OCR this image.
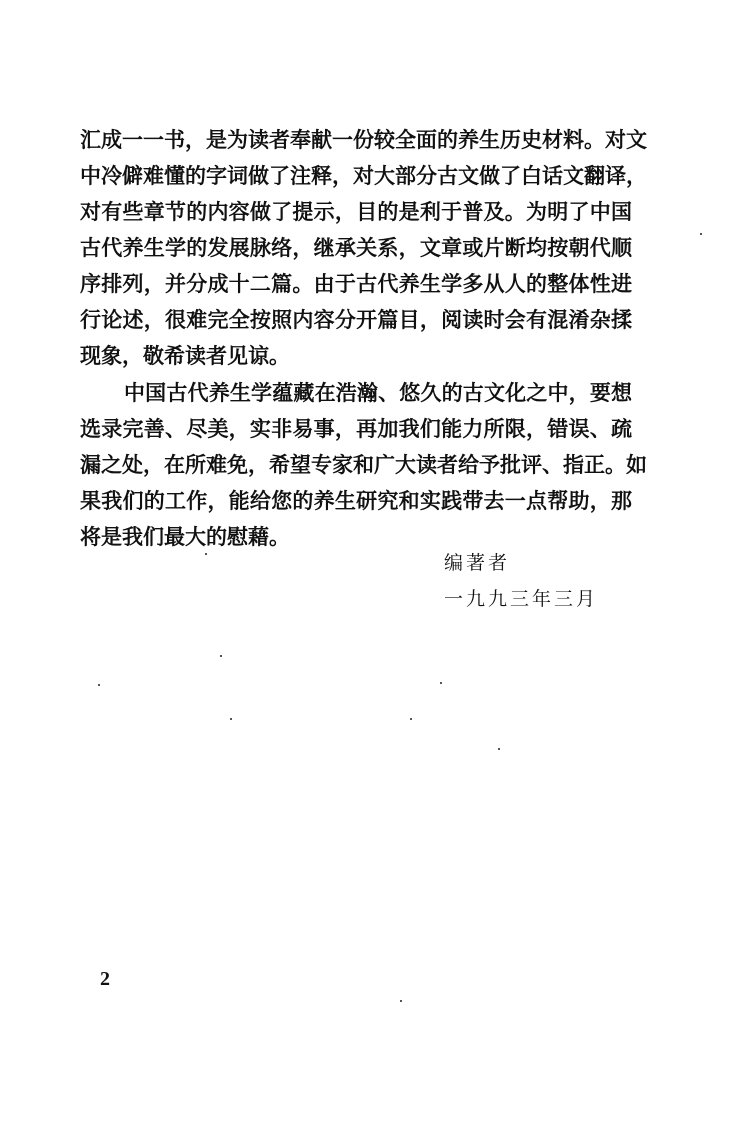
汇成一一书，是为读者奉献一份较全面的养生历史材料。对文
中冷僻难懂的字词做了注释，对大部分古文做了白话文翻译，
对有些章节的内容做了提示，目的是利于普及。为明了中国
古代养生学的发展脉络，继承关系，文章或片断均按朝代顺
序排列，并分成十二篇。由于古代养生学多从人的整体性进
行论述，很难完全按照内容分开篇目，阅读时会有混淆杂揉
现象，敬希读者见谅。
中国古代养生学蕴藏在浩瀚、悠久的古文化之中，要想
选录完善、尽美，实非易事，再加我们能力所限，错误、疏
漏之处，在所难免，希望专家和广大读者给予批评、指正。如
果我们的工作，能给您的养生研究和实践带去一点帮助，那
将是我们最大的慰藉。
编著者
一九九三年三月
2
